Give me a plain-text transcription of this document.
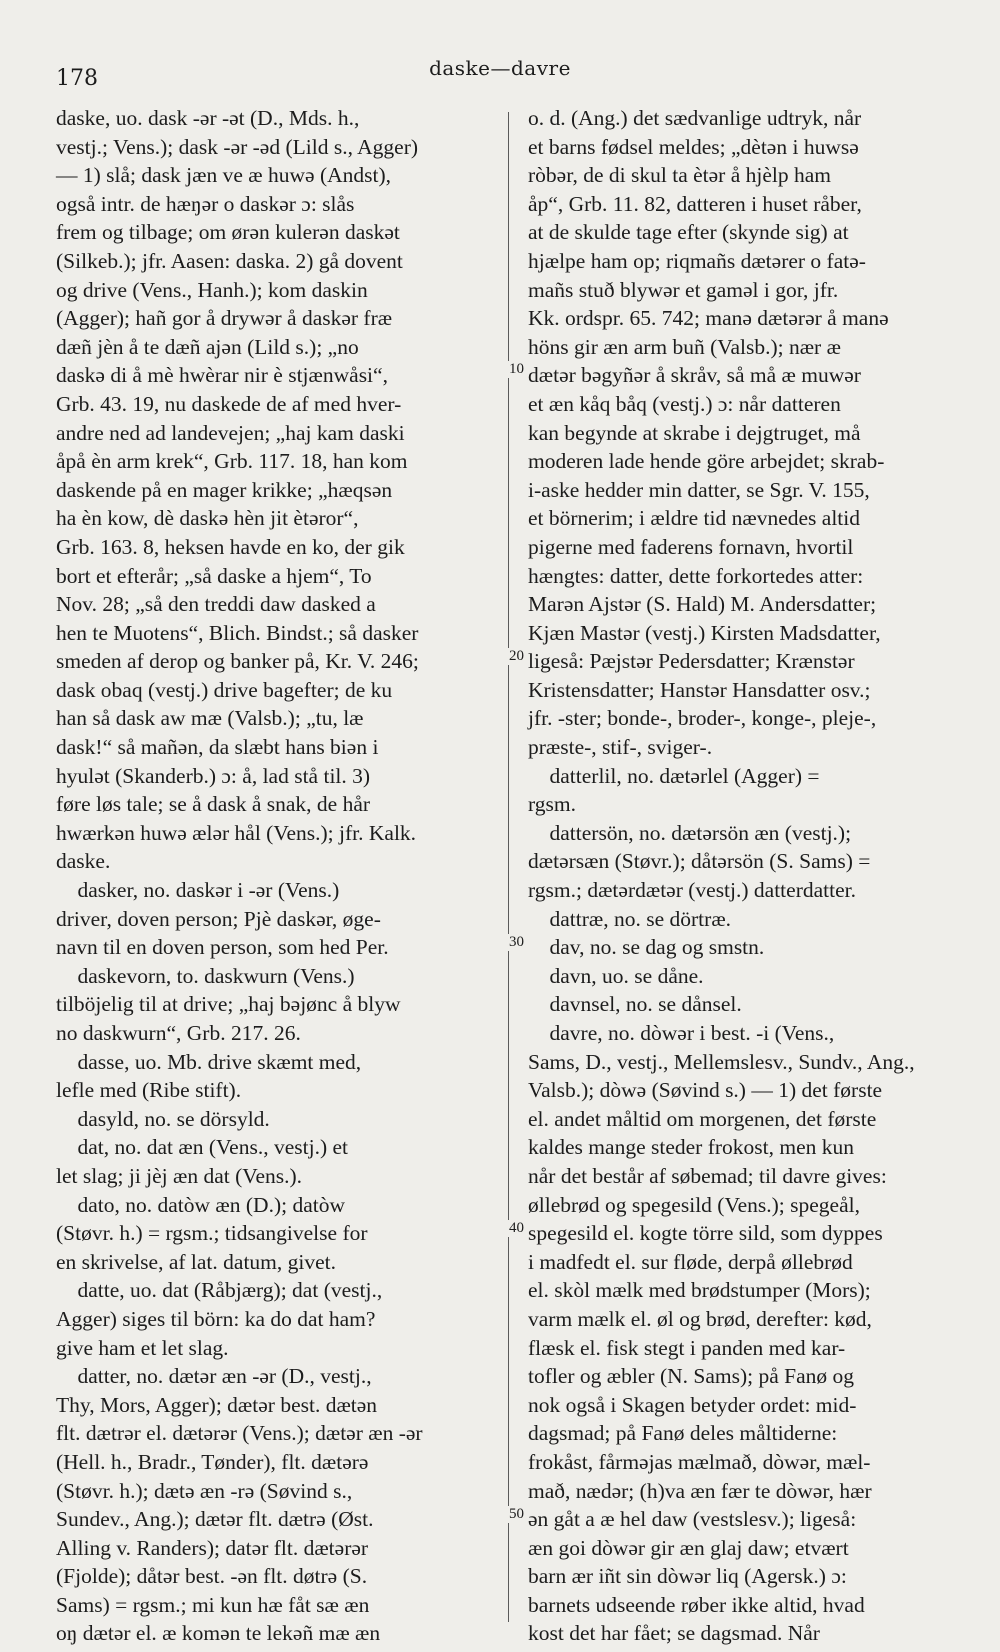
178	daske—davre
daske, uo. dask -ər -ət (D., Mds. h.,
vestj.; Vens.); dask -ər -əd (Lild s., Agger)
— 1) slå; dask jæn ve æ huwə (Andst),
også intr. de hæŋər o daskər ɔ: slås
frem og tilbage; om ørən kulerən daskət
(Silkeb.); jfr. Aasen: daska. 2) gå dovent
og drive (Vens., Hanh.); kom daskin
(Agger); hañ gor å drywər å daskər fræ
dæñ jèn å te dæñ ajən (Lild s.); „no
daskə di å mè hwèrar nir è stjænwåsi“,
Grb. 43. 19, nu daskede de af med hver-
andre ned ad landevejen; „haj kam daski
åpå èn arm krek“, Grb. 117. 18, han kom
daskende på en mager krikke; „hæqsən
ha èn kow, dè daskə hèn jit ètəror“,
Grb. 163. 8, heksen havde en ko, der gik
bort et efterår; „så daske a hjem“, To
Nov. 28; „så den treddi daw dasked a
hen te Muotens“, Blich. Bindst.; så dasker
smeden af derop og banker på, Kr. V. 246;
dask obaq (vestj.) drive bagefter; de ku
han så dask aw mæ (Valsb.); „tu, læ
dask!“ så mañən, da slæbt hans biən i
hyulət (Skanderb.) ɔ: å, lad stå til. 3)
føre løs tale; se å dask å snak, de hår
hwærkən huwə ælər hål (Vens.); jfr. Kalk.
daske.
dasker, no. daskər i -ər (Vens.)
driver, doven person; Pjè daskər, øge-
navn til en doven person, som hed Per.
daskevorn, to. daskwurn (Vens.)
tilböjelig til at drive; „haj bəjønc å blyw
no daskwurn“, Grb. 217. 26.
dasse, uo. Mb. drive skæmt med,
lefle med (Ribe stift).
dasyld, no. se dörsyld.
dat, no. dat æn (Vens., vestj.) et
let slag; ji jèj æn dat (Vens.).
dato, no. datòw æn (D.); datòw
(Støvr. h.) = rgsm.; tidsangivelse for
en skrivelse, af lat. datum, givet.
datte, uo. dat (Råbjærg); dat (vestj.,
Agger) siges til börn: ka do dat ham?
give ham et let slag.
datter, no. dætər æn -ər (D., vestj.,
Thy, Mors, Agger); dætər best. dætən
flt. dætrər el. dætərər (Vens.); dætər æn -ər
(Hell. h., Bradr., Tønder), flt. dætərə
(Støvr. h.); dætə æn -rə (Søvind s.,
Sundev., Ang.); dætər flt. dætrə (Øst.
Alling v. Randers); datər flt. dætərər
(Fjolde); dåtər best. -ən flt. døtrə (S.
Sams) = rgsm.; mi kun hæ fåt sæ æn
oŋ dætər el. æ komən te lekəñ mæ æn
o. d. (Ang.) det sædvanlige udtryk, når
et barns fødsel meldes; „dètən i huwsə
ròbər, de di skul ta ètər å hjèlp ham
åp“, Grb. 11. 82, datteren i huset råber,
at de skulde tage efter (skynde sig) at
hjælpe ham op; riqmañs dætərer o fatə-
mañs stuð blywər et gaməl i gor, jfr.
Kk. ordspr. 65. 742; manə dætərər å manə
höns gir æn arm buñ (Valsb.); nær æ
dætər bəgyñər å skråv, så må æ muwər
et æn kåq båq (vestj.) ɔ: når datteren
kan begynde at skrabe i dejgtruget, må
moderen lade hende göre arbejdet; skrab-
i-aske hedder min datter, se Sgr. V. 155,
et börnerim; i ældre tid nævnedes altid
pigerne med faderens fornavn, hvortil
hængtes: datter, dette forkortedes atter:
Marən Ajstər (S. Hald) M. Andersdatter;
Kjæn Mastər (vestj.) Kirsten Madsdatter,
ligeså: Pæjstər Pedersdatter; Krænstər
Kristensdatter; Hanstər Hansdatter osv.;
jfr. -ster; bonde-, broder-, konge-, pleje-,
præste-, stif-, sviger-.
datterlil, no. dætərlel (Agger) =
rgsm.
dattersön, no. dætərsön æn (vestj.);
dætərsæn (Støvr.); dåtərsön (S. Sams) =
rgsm.; dætərdætər (vestj.) datterdatter.
dattræ, no. se dörtræ.
dav, no. se dag og smstn.
davn, uo. se dåne.
davnsel, no. se dånsel.
davre, no. dòwər i best. -i (Vens.,
Sams, D., vestj., Mellemslesv., Sundv., Ang.,
Valsb.); dòwə (Søvind s.) — 1) det første
el. andet måltid om morgenen, det første
kaldes mange steder frokost, men kun
når det består af søbemad; til davre gives:
øllebrød og spegesild (Vens.); spegeål,
spegesild el. kogte törre sild, som dyppes
i madfedt el. sur fløde, derpå øllebrød
el. skòl mælk med brødstumper (Mors);
varm mælk el. øl og brød, derefter: kød,
flæsk el. fisk stegt i panden med kar-
tofler og æbler (N. Sams); på Fanø og
nok også i Skagen betyder ordet: mid-
dagsmad; på Fanø deles måltiderne:
frokåst, fårməjas mælmað, dòwər, mæl-
mað, nædər; (h)va æn fær te dòwər, hær
ən gåt a æ hel daw (vestslesv.); ligeså:
æn goi dòwər gir æn glaj daw; etvært
barn ær iñt sin dòwər liq (Agersk.) ɔ:
barnets udseende røber ikke altid, hvad
kost det har fået; se dagsmad. Når
10
20
30
40
50
